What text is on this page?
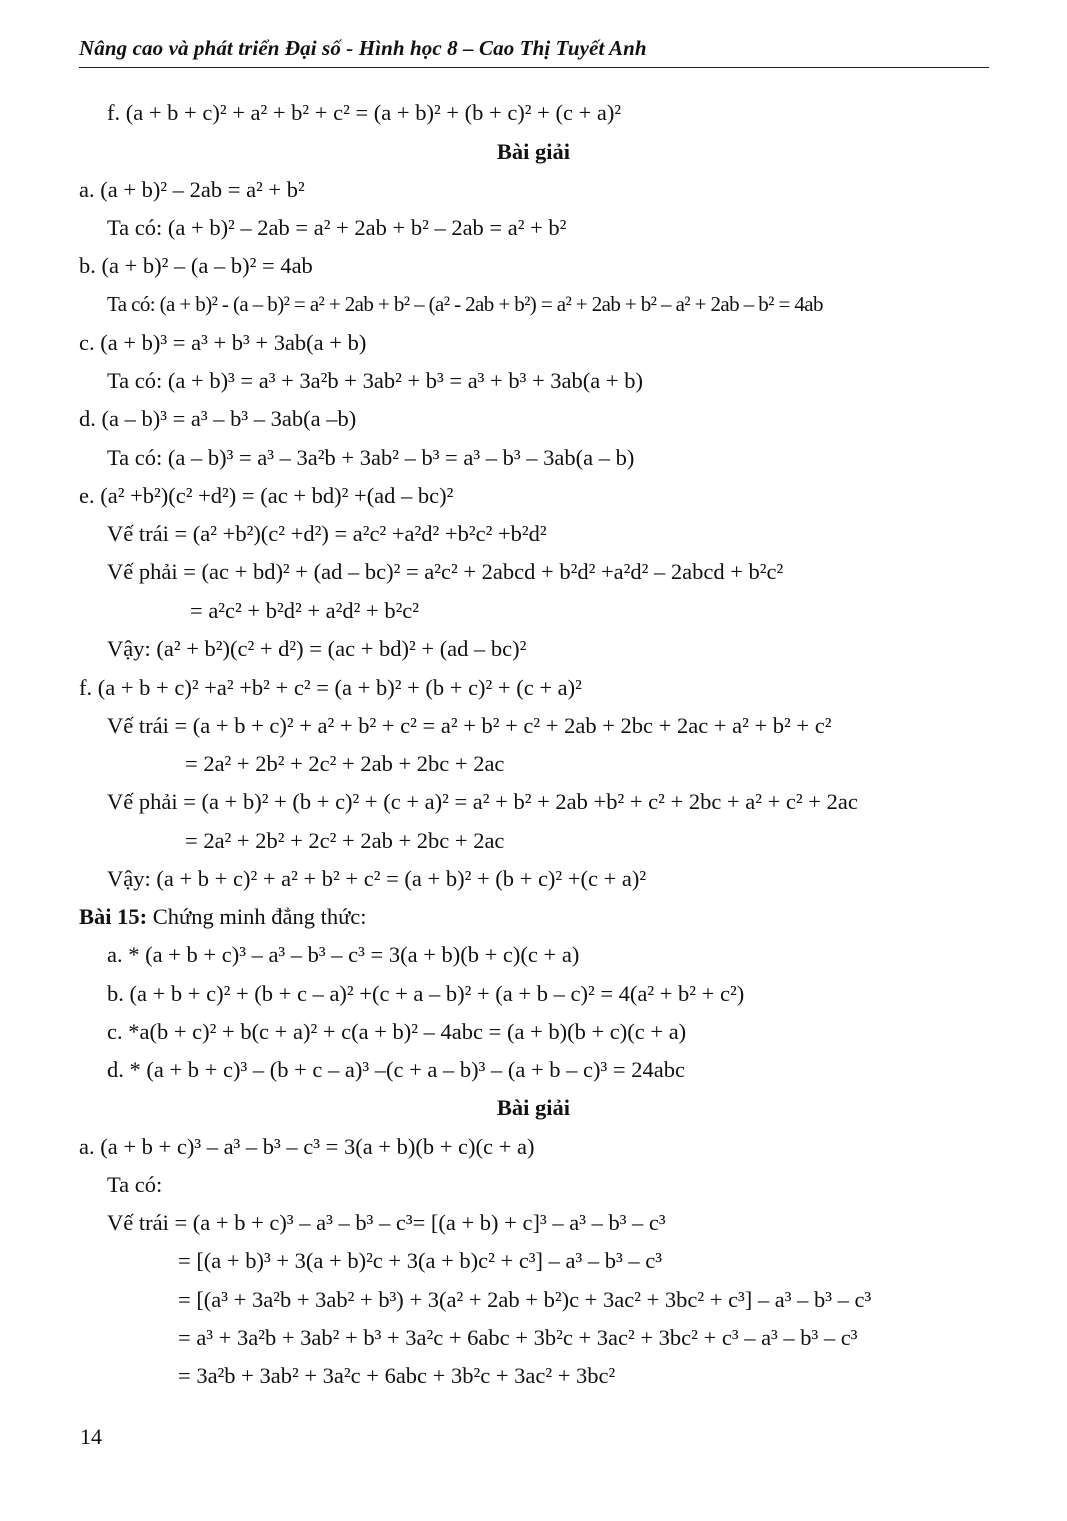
Nâng cao và phát triển Đại số - Hình học 8 – Cao Thị Tuyết Anh
f. (a + b + c)² + a² + b² + c² = (a + b)² + (b + c)² + (c + a)²
Bài giải
a. (a + b)² – 2ab = a² + b²
Ta có: (a + b)² – 2ab = a² + 2ab + b² – 2ab = a² + b²
b. (a + b)² – (a – b)² = 4ab
Ta có: (a + b)² - (a – b)² = a² + 2ab + b² – (a² - 2ab + b²) = a² + 2ab + b² – a² + 2ab – b² = 4ab
c. (a + b)³ = a³ + b³ + 3ab(a + b)
Ta có: (a + b)³ = a³ + 3a²b + 3ab² + b³ = a³ + b³ + 3ab(a + b)
d. (a – b)³ = a³ – b³ – 3ab(a –b)
Ta có: (a – b)³ = a³ – 3a²b + 3ab² – b³ = a³ – b³ – 3ab(a – b)
e. (a² +b²)(c² +d²) = (ac + bd)² +(ad – bc)²
Vế trái = (a² +b²)(c² +d²) = a²c² +a²d² +b²c² +b²d²
Vế phải = (ac + bd)² + (ad – bc)² = a²c² + 2abcd + b²d² +a²d² – 2abcd + b²c²
= a²c² + b²d² + a²d² + b²c²
Vậy: (a² + b²)(c² + d²) = (ac + bd)² + (ad – bc)²
f. (a + b + c)² +a² +b² + c² = (a + b)² + (b + c)² + (c + a)²
Vế trái = (a + b + c)² + a² + b² + c² = a² + b² + c² + 2ab + 2bc + 2ac + a² + b² + c²
= 2a² + 2b² + 2c² + 2ab + 2bc + 2ac
Vế phải = (a + b)² + (b + c)² + (c + a)² = a² + b² + 2ab +b² + c² + 2bc + a² + c² + 2ac
= 2a² + 2b² + 2c² + 2ab + 2bc + 2ac
Vậy: (a + b + c)² + a² + b² + c² = (a + b)² + (b + c)² +(c + a)²
Bài 15: Chứng minh đẳng thức:
a. * (a + b + c)³ – a³ – b³ – c³ = 3(a + b)(b + c)(c + a)
b. (a + b + c)² + (b + c – a)² +(c + a – b)² + (a + b – c)² = 4(a² + b² + c²)
c. *a(b + c)² + b(c + a)² + c(a + b)² – 4abc = (a + b)(b + c)(c + a)
d. * (a + b + c)³ – (b + c – a)³ –(c + a – b)³ – (a + b – c)³ = 24abc
Bài giải
a. (a + b + c)³ – a³ – b³ – c³ = 3(a + b)(b + c)(c + a)
Ta có:
Vế trái = (a + b + c)³ – a³ – b³ – c³= [(a + b) + c]³ – a³ – b³ – c³
= [(a + b)³ + 3(a + b)²c + 3(a + b)c² + c³] – a³ – b³ – c³
= [(a³ + 3a²b + 3ab² + b³) + 3(a² + 2ab + b²)c + 3ac² + 3bc² + c³] – a³ – b³ – c³
= a³ + 3a²b + 3ab² + b³ + 3a²c + 6abc + 3b²c + 3ac² + 3bc² + c³ – a³ – b³ – c³
= 3a²b + 3ab² + 3a²c + 6abc + 3b²c + 3ac² + 3bc²
14
